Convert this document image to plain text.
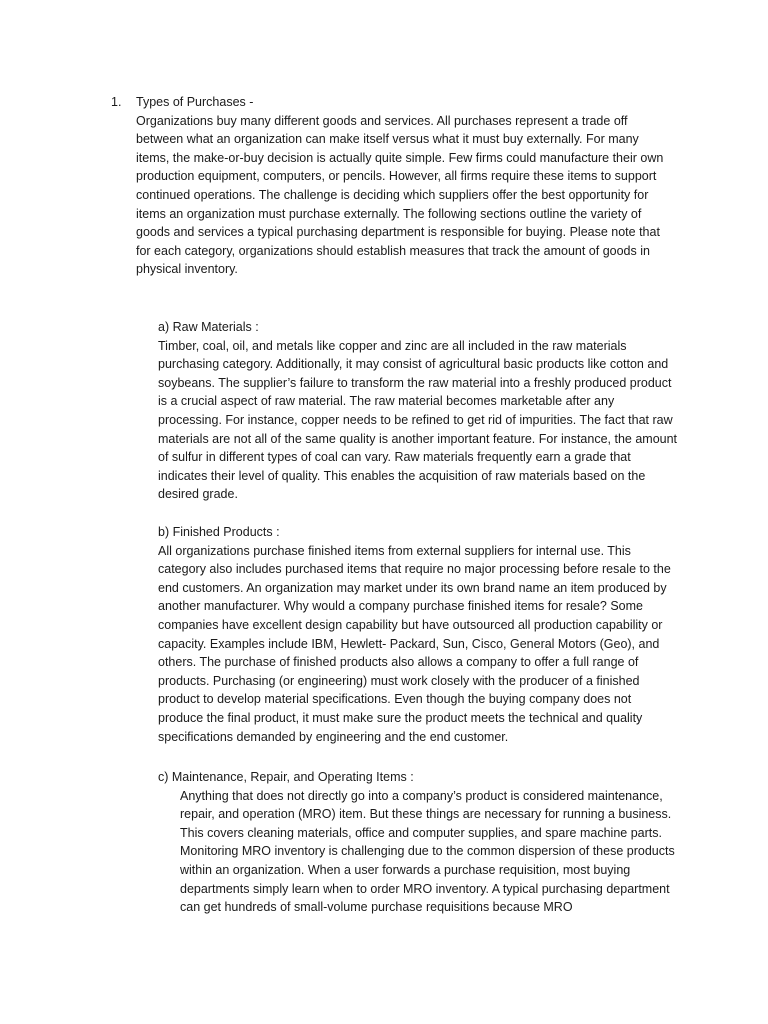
1. Types of Purchases -

Organizations buy many different goods and services. All purchases represent a trade off between what an organization can make itself versus what it must buy externally. For many items, the make-or-buy decision is actually quite simple. Few firms could manufacture their own production equipment, computers, or pencils. However, all firms require these items to support continued operations. The challenge is deciding which suppliers offer the best opportunity for items an organization must purchase externally. The following sections outline the variety of goods and services a typical purchasing department is responsible for buying. Please note that for each category, organizations should establish measures that track the amount of goods in physical inventory.

a) Raw Materials :

Timber, coal, oil, and metals like copper and zinc are all included in the raw materials purchasing category. Additionally, it may consist of agricultural basic products like cotton and soybeans. The supplier’s failure to transform the raw material into a freshly produced product is a crucial aspect of raw material. The raw material becomes marketable after any processing. For instance, copper needs to be refined to get rid of impurities. The fact that raw materials are not all of the same quality is another important feature. For instance, the amount of sulfur in different types of coal can vary. Raw materials frequently earn a grade that indicates their level of quality. This enables the acquisition of raw materials based on the desired grade.

b) Finished Products :

All organizations purchase finished items from external suppliers for internal use. This category also includes purchased items that require no major processing before resale to the end customers. An organization may market under its own brand name an item produced by another manufacturer. Why would a company purchase finished items for resale? Some companies have excellent design capability but have outsourced all production capability or capacity. Examples include IBM, Hewlett- Packard, Sun, Cisco, General Motors (Geo), and others. The purchase of finished products also allows a company to offer a full range of products. Purchasing (or engineering) must work closely with the producer of a finished product to develop material specifications. Even though the buying company does not produce the final product, it must make sure the product meets the technical and quality specifications demanded by engineering and the end customer.

c) Maintenance, Repair, and Operating Items :

Anything that does not directly go into a company’s product is considered maintenance, repair, and operation (MRO) item. But these things are necessary for running a business. This covers cleaning materials, office and computer supplies, and spare machine parts. Monitoring MRO inventory is challenging due to the common dispersion of these products within an organization. When a user forwards a purchase requisition, most buying departments simply learn when to order MRO inventory. A typical purchasing department can get hundreds of small-volume purchase requisitions because MRO
